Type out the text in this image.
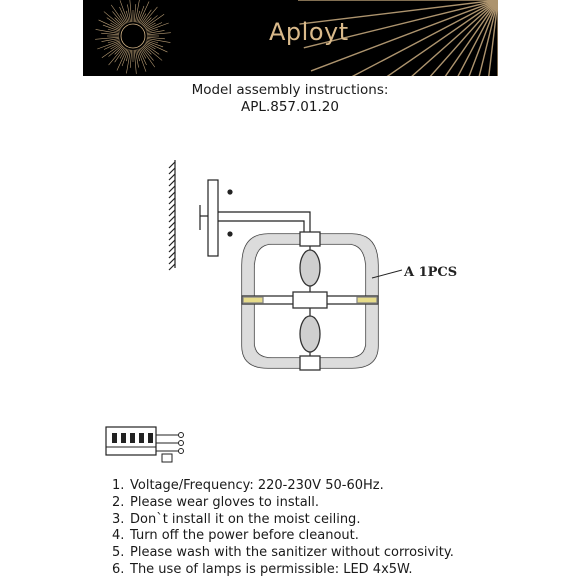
Aployt
Model assembly instructions:
APL.857.01.20
A 1PCS
1. Voltage/Frequency: 220-230V 50-60Hz.
2. Please wear gloves to install.
3. Don`t install it on the moist ceiling.
4. Turn off the power before cleanout.
5. Please wash with the sanitizer without corrosivity.
6. The use of lamps is permissible: LED 4x5W.
